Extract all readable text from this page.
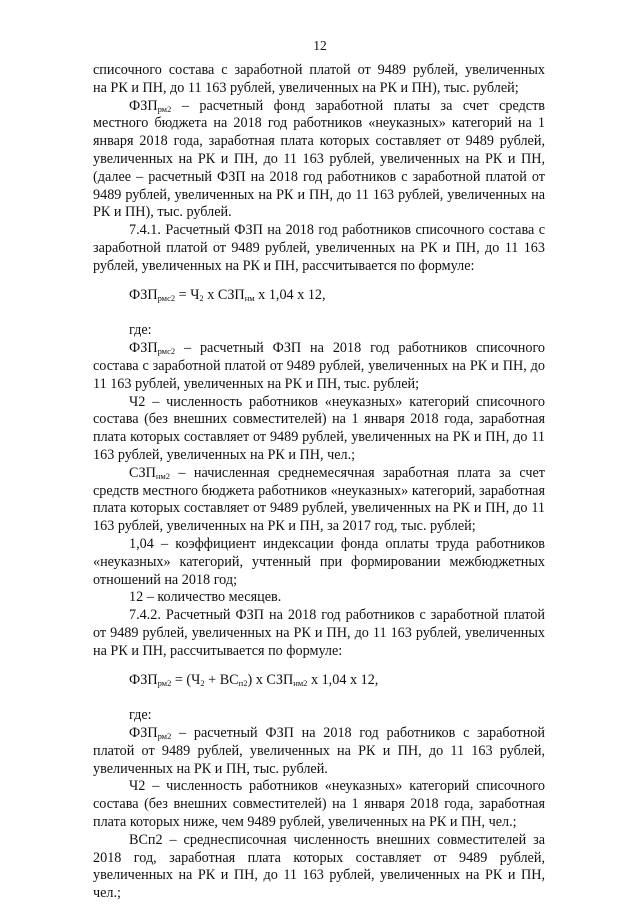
12

списочного состава с заработной платой от 9489 рублей, увеличенных

на РК и ПН, до 11 163 рублей, увеличенных на РК и ПН), тыс. рублей;

$ФЗП_{рм2}$ – расчетный фонд заработной платы за счет средств местного бюджета на 2018 год работников «неуказных» категорий на 1 января 2018 года, заработная плата которых составляет от 9489 рублей, увеличенных на РК и ПН, до 11 163 рублей, увеличенных на РК и ПН, (далее – расчетный ФЗП на 2018 год работников с заработной платой от 9489 рублей, увеличенных на РК и ПН, до 11 163 рублей, увеличенных на РК и ПН), тыс. рублей.

7.4.1. Расчетный ФЗП на 2018 год работников списочного состава с заработной платой от 9489 рублей, увеличенных на РК и ПН, до 11 163 рублей, увеличенных на РК и ПН, рассчитывается по формуле:

$ФЗП_{рмс2} = Ч_2$ х $СЗП_{нм}$ х 1,04 х 12,

где:

$ФЗП_{рмс2}$ – расчетный ФЗП на 2018 год работников списочного состава с заработной платой от 9489 рублей, увеличенных на РК и ПН, до 11 163 рублей, увеличенных на РК и ПН, тыс. рублей;

Ч2 – численность работников «неуказных» категорий списочного состава (без внешних совместителей) на 1 января 2018 года, заработная плата которых составляет от 9489 рублей, увеличенных на РК и ПН, до 11 163 рублей, увеличенных на РК и ПН, чел.;

$СЗП_{нм2}$ – начисленная среднемесячная заработная плата за счет средств местного бюджета работников «неуказных» категорий, заработная плата которых составляет от 9489 рублей, увеличенных на РК и ПН, до 11 163 рублей, увеличенных на РК и ПН, за 2017 год, тыс. рублей;

1,04 – коэффициент индексации фонда оплаты труда работников «неуказных» категорий, учтенный при формировании межбюджетных отношений на 2018 год;

12 – количество месяцев.

7.4.2. Расчетный ФЗП на 2018 год работников с заработной платой от 9489 рублей, увеличенных на РК и ПН, до 11 163 рублей, увеличенных на РК и ПН, рассчитывается по формуле:

$ФЗП_{рм2} = (Ч_2 + ВС_{п2})$ х $СЗП_{нм2}$ х 1,04 х 12,

где:

$ФЗП_{рм2}$ – расчетный ФЗП на 2018 год работников с заработной платой от 9489 рублей, увеличенных на РК и ПН, до 11 163 рублей, увеличенных на РК и ПН, тыс. рублей.

Ч2 – численность работников «неуказных» категорий списочного состава (без внешних совместителей) на 1 января 2018 года, заработная плата которых ниже, чем 9489 рублей, увеличенных на РК и ПН, чел.;

ВСп2 – среднесписочная численность внешних совместителей за 2018 год, заработная плата которых составляет от 9489 рублей, увеличенных на РК и ПН, до 11 163 рублей, увеличенных на РК и ПН, чел.;
